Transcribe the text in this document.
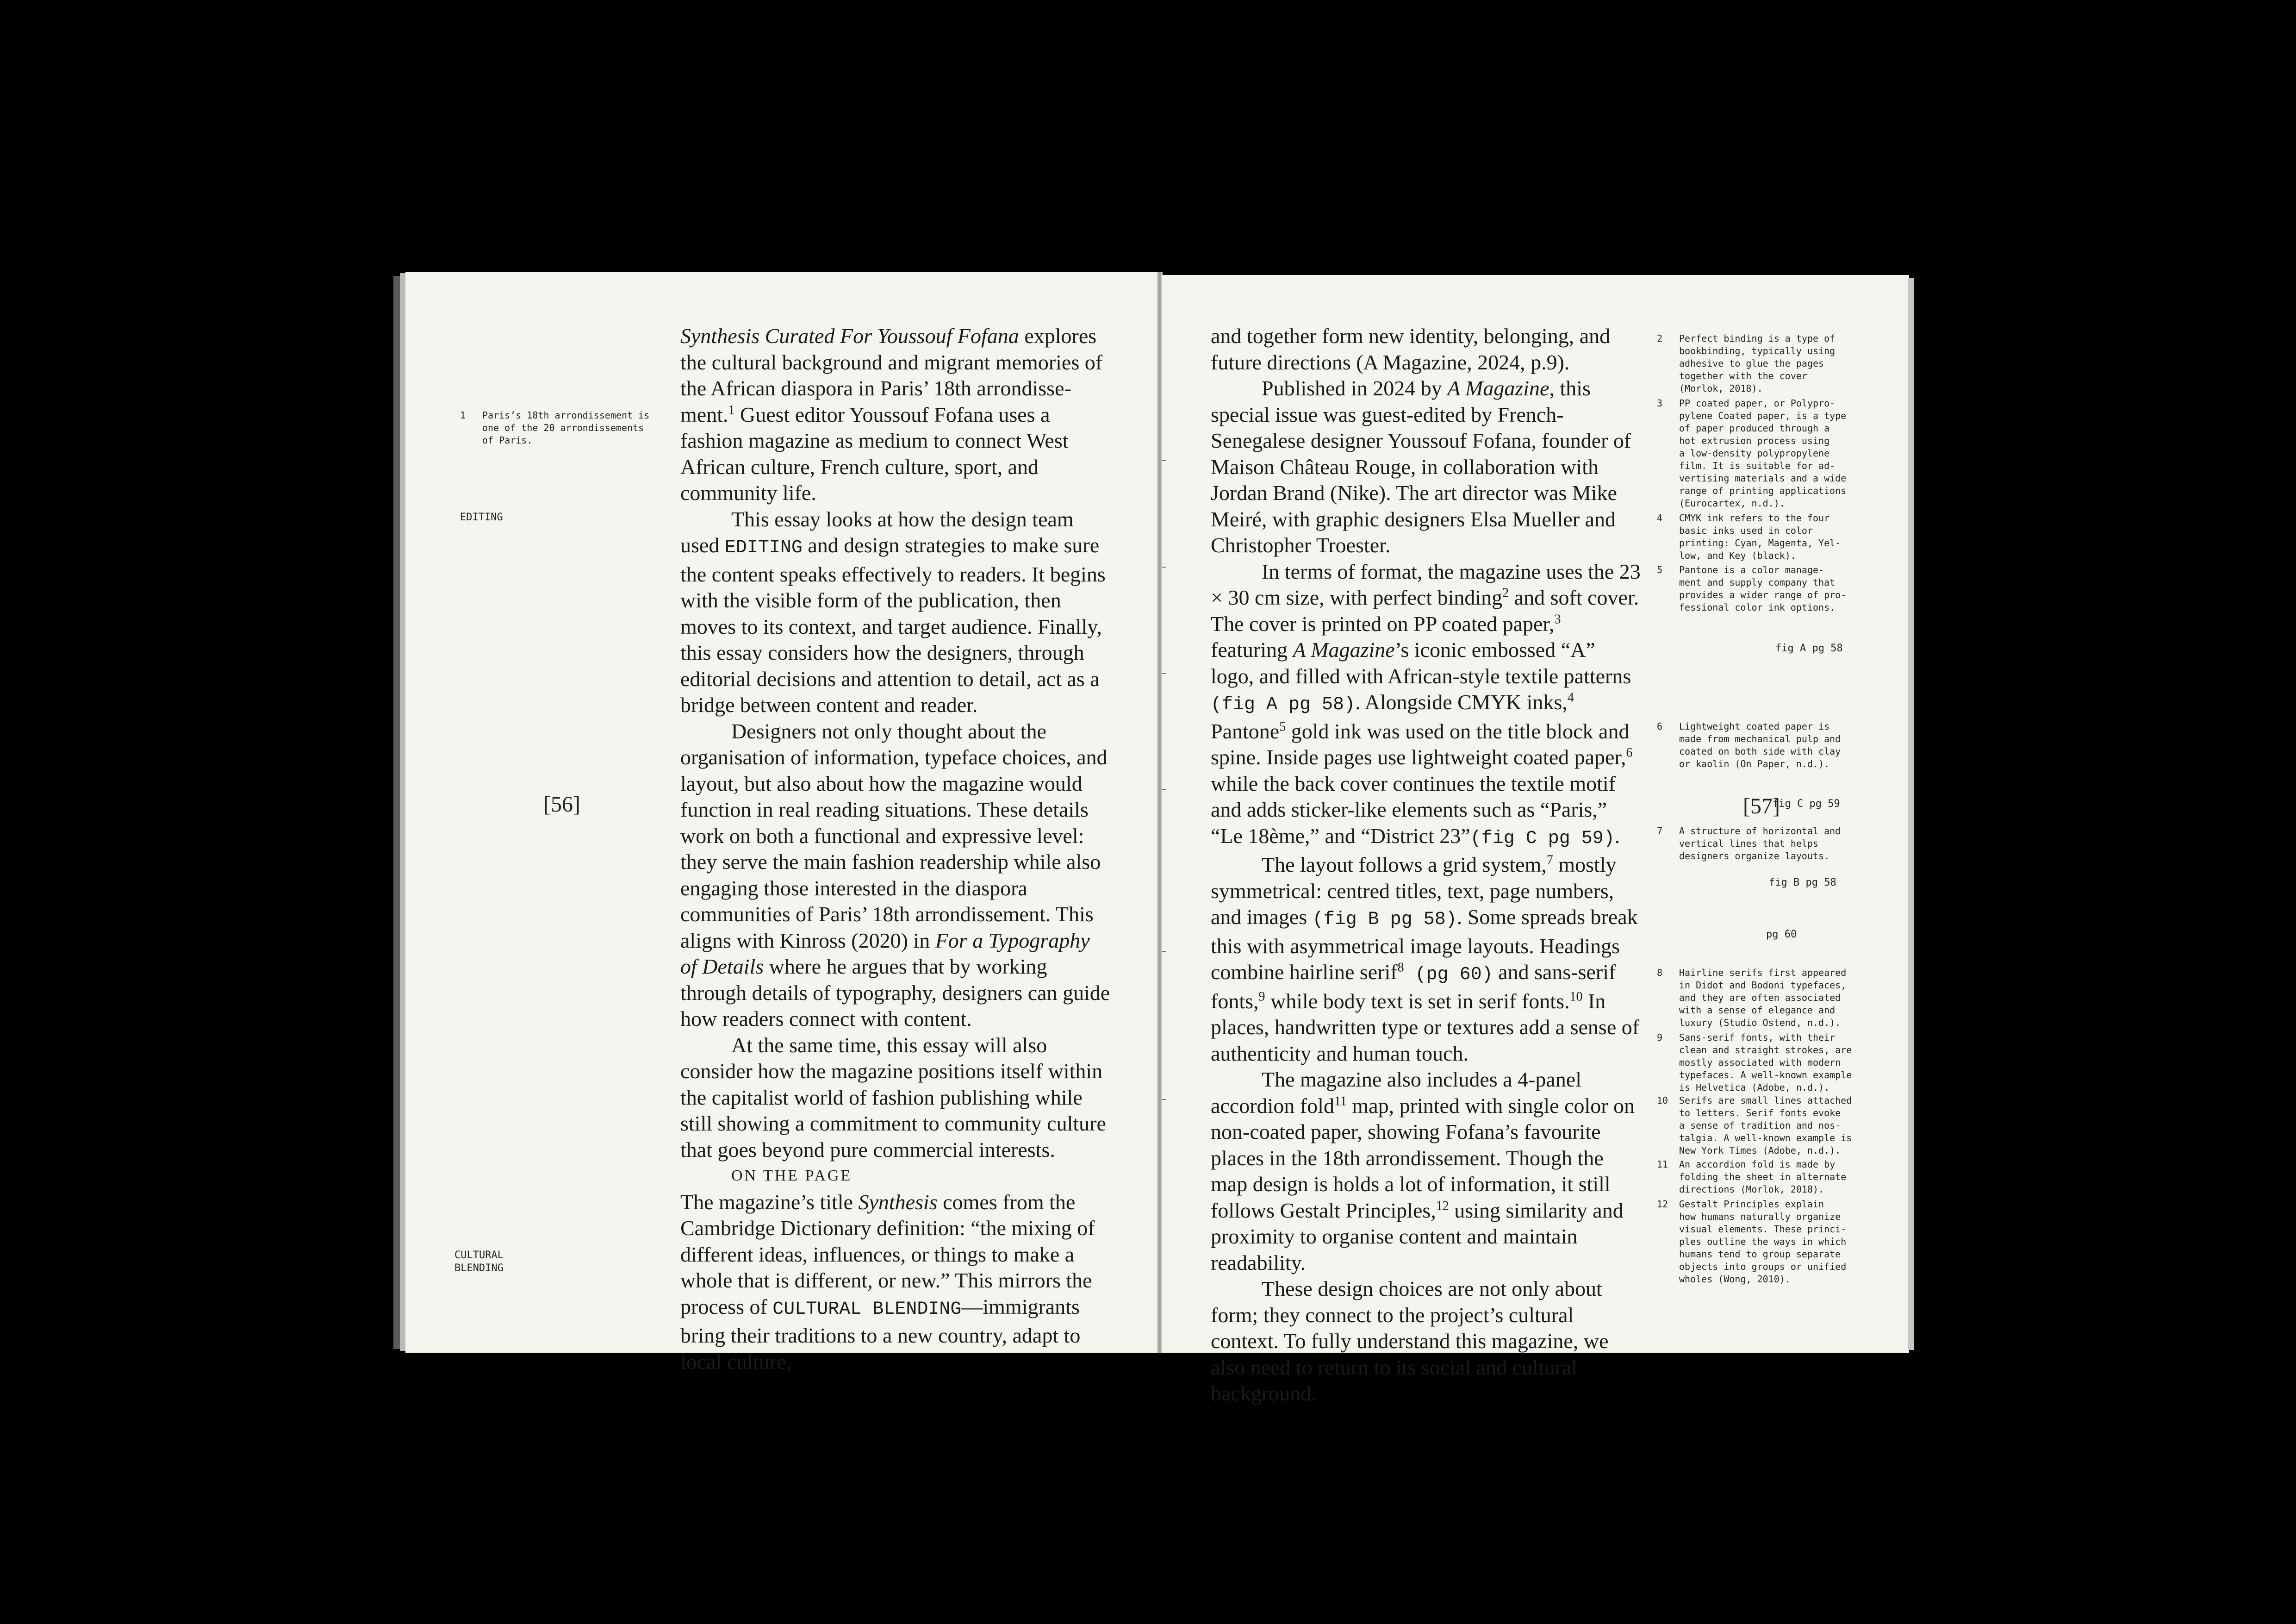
1 Paris’s 18th arrondissement is
one of the 20 arrondissements
of Paris.
EDITING
CULTURAL
BLENDING
[56]

Synthesis Curated For Youssouf Fofana explores the cultural background and migrant memories of the African diaspora in Paris’ 18th arrondissement.$^1$ Guest editor Youssouf Fofana uses a fashion magazine as medium to connect West African culture, French culture, sport, and community life.

This essay looks at how the design team used EDITING and design strategies to make sure the content speaks effectively to readers. It begins with the visible form of the publication, then moves to its context, and target audience. Finally, this essay considers how the designers, through editorial decisions and attention to detail, act as a bridge between content and reader.

Designers not only thought about the organisation of information, typeface choices, and layout, but also about how the magazine would function in real reading situations. These details work on both a functional and expressive level: they serve the main fashion readership while also engaging those interested in the diaspora communities of Paris’ 18th arrondissement. This aligns with Kinross (2020) in For a Typography of Details where he argues that by working through details of typography, designers can guide how readers connect with content.

At the same time, this essay will also consider how the magazine positions itself within the capitalist world of fashion publishing while still showing a commitment to community culture that goes beyond pure commercial interests.

ON THE PAGE

The magazine’s title Synthesis comes from the Cambridge Dictionary definition: “the mixing of different ideas, influences, or things to make a whole that is different, or new.” This mirrors the process of CULTURAL BLENDING—immigrants bring their traditions to a new country, adapt to local culture,

and together form new identity, belonging, and future directions (A Magazine, 2024, p.9).

Published in 2024 by A Magazine, this special issue was guest-edited by French-Senegalese designer Youssouf Fofana, founder of Maison Château Rouge, in collaboration with Jordan Brand (Nike). The art director was Mike Meiré, with graphic designers Elsa Mueller and Christopher Troester.

In terms of format, the magazine uses the 23 × 30 cm size, with perfect binding$^2$ and soft cover. The cover is printed on PP coated paper,$^3$ featuring A Magazine’s iconic embossed “A” logo, and filled with African-style textile patterns (fig A pg 58). Alongside CMYK inks,$^4$ Pantone$^5$ gold ink was used on the title block and spine. Inside pages use lightweight coated paper,$^6$ while the back cover continues the textile motif and adds sticker-like elements such as “Paris,” “Le 18ème,” and “District 23”(fig C pg 59).

The layout follows a grid system,$^7$ mostly symmetrical: centred titles, text, page numbers, and images (fig B pg 58). Some spreads break this with asymmetrical image layouts. Headings combine hairline serif$^8$ (pg 60) and sans-serif fonts,$^9$ while body text is set in serif fonts.$^{10}$ In places, handwritten type or textures add a sense of authenticity and human touch.

The magazine also includes a 4-panel accordion fold$^{11}$ map, printed with single color on non-coated paper, showing Fofana’s favourite places in the 18th arrondissement. Though the map design is holds a lot of information, it still follows Gestalt Principles,$^{12}$ using similarity and proximity to organise content and maintain readability.

These design choices are not only about form; they connect to the project’s cultural context. To fully understand this magazine, we also need to return to its social and cultural background.

2 Perfect binding is a type of
bookbinding, typically using
adhesive to glue the pages
together with the cover
(Morlok, 2018).
3 PP coated paper, or Polypro-
pylene Coated paper, is a type
of paper produced through a
hot extrusion process using
a low-density polypropylene
film. It is suitable for ad-
vertising materials and a wide
range of printing applications
(Eurocartex, n.d.).
4 CMYK ink refers to the four
basic inks used in color
printing: Cyan, Magenta, Yel-
low, and Key (black).
5 Pantone is a color manage-
ment and supply company that
provides a wider range of pro-
fessional color ink options.
fig A pg 58
6 Lightweight coated paper is
made from mechanical pulp and
coated on both side with clay
or kaolin (On Paper, n.d.).
[57]
fig C pg 59
7 A structure of horizontal and
vertical lines that helps
designers organize layouts.
fig B pg 58
pg 60
8 Hairline serifs first appeared
in Didot and Bodoni typefaces,
and they are often associated
with a sense of elegance and
luxury (Studio Ostend, n.d.).
9 Sans-serif fonts, with their
clean and straight strokes, are
mostly associated with modern
typefaces. A well-known example
is Helvetica (Adobe, n.d.).
10 Serifs are small lines attached
to letters. Serif fonts evoke
a sense of tradition and nos-
talgia. A well-known example is
New York Times (Adobe, n.d.).
11 An accordion fold is made by
folding the sheet in alternate
directions (Morlok, 2018).
12 Gestalt Principles explain
how humans naturally organize
visual elements. These princi-
ples outline the ways in which
humans tend to group separate
objects into groups or unified
wholes (Wong, 2010).
